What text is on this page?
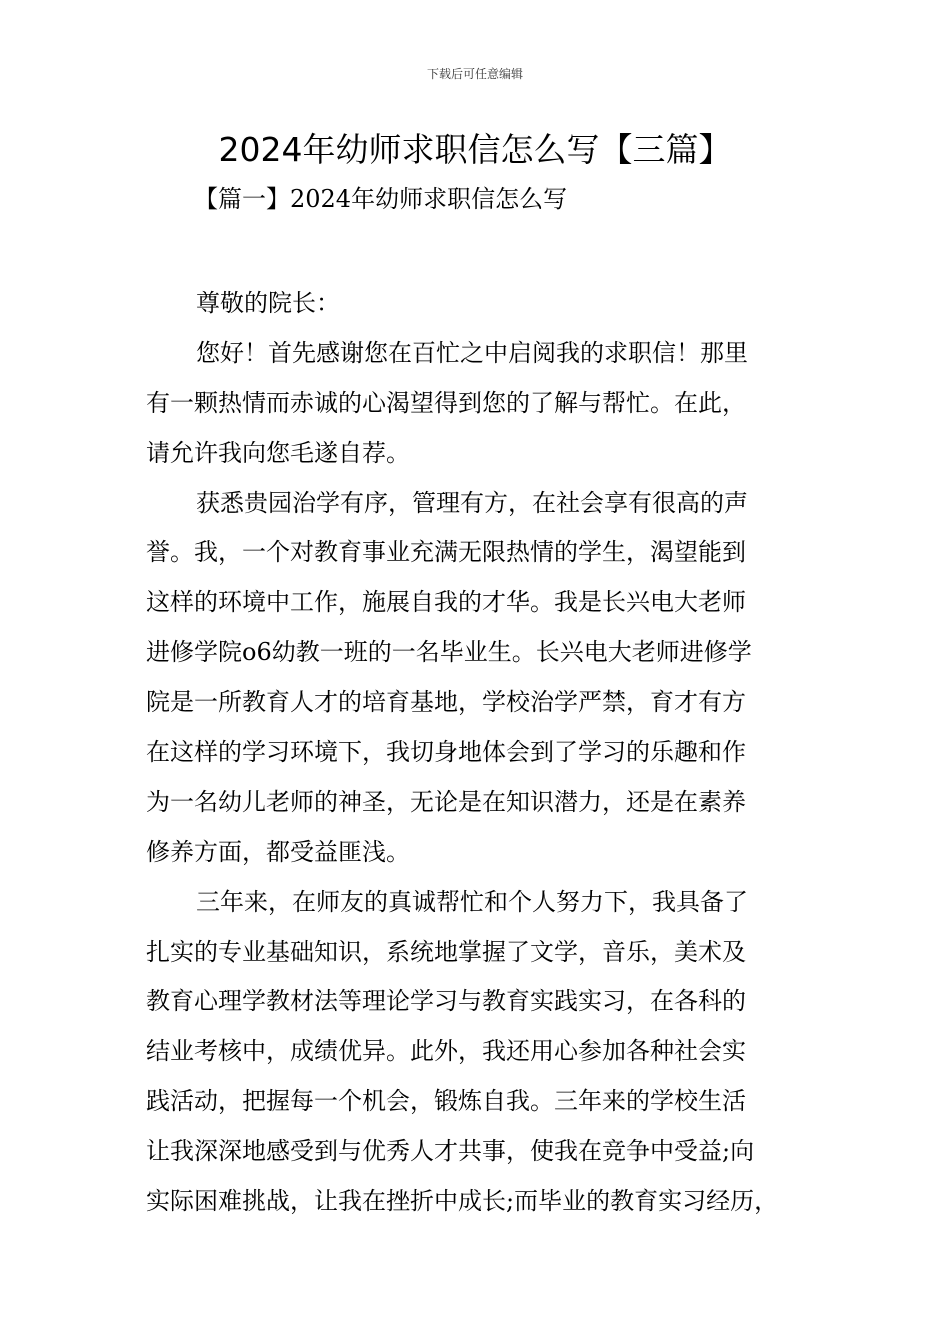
下载后可任意编辑
2024年幼师求职信怎么写【三篇】
【篇一】2024年幼师求职信怎么写
尊敬的院长：
您好！首先感谢您在百忙之中启阅我的求职信！那里
有一颗热情而赤诚的心渴望得到您的了解与帮忙。在此，
请允许我向您毛遂自荐。
获悉贵园治学有序，管理有方，在社会享有很高的声
誉。我，一个对教育事业充满无限热情的学生，渴望能到
这样的环境中工作，施展自我的才华。我是长兴电大老师
进修学院o6幼教一班的一名毕业生。长兴电大老师进修学
院是一所教育人才的培育基地，学校治学严禁，育才有方
在这样的学习环境下，我切身地体会到了学习的乐趣和作
为一名幼儿老师的神圣，无论是在知识潜力，还是在素养
修养方面，都受益匪浅。
三年来，在师友的真诚帮忙和个人努力下，我具备了
扎实的专业基础知识，系统地掌握了文学，音乐，美术及
教育心理学教材法等理论学习与教育实践实习，在各科的
结业考核中，成绩优异。此外，我还用心参加各种社会实
践活动，把握每一个机会，锻炼自我。三年来的学校生活
让我深深地感受到与优秀人才共事，使我在竞争中受益;向
实际困难挑战，让我在挫折中成长;而毕业的教育实习经历，
